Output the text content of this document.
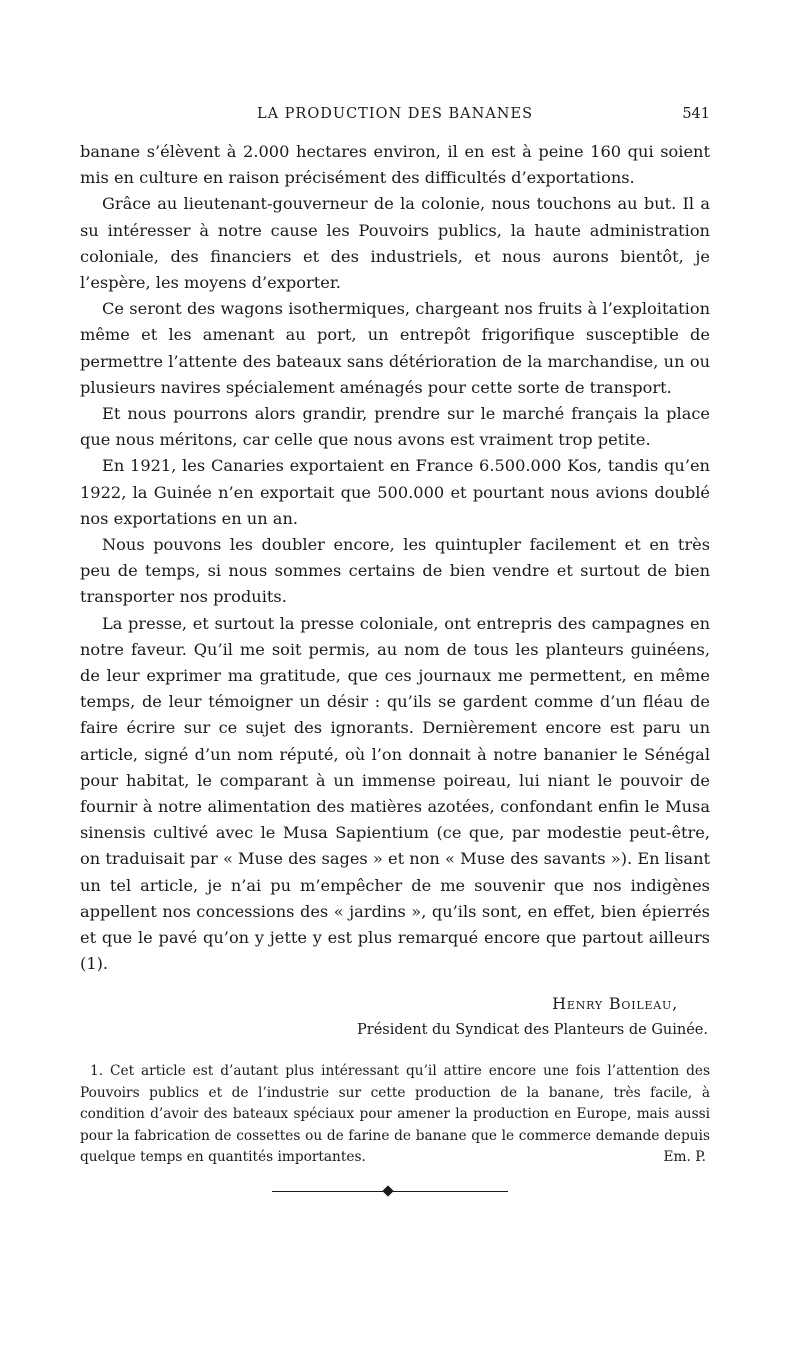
LA PRODUCTION DES BANANES	541

banane s’élèvent à 2.000 hectares environ, il en est à peine 160 qui soient mis en culture en raison précisément des difficultés d’exportations.

Grâce au lieutenant-gouverneur de la colonie, nous touchons au but. Il a su intéresser à notre cause les Pouvoirs publics, la haute administration coloniale, des financiers et des industriels, et nous aurons bientôt, je l’espère, les moyens d’exporter.

Ce seront des wagons isothermiques, chargeant nos fruits à l’exploitation même et les amenant au port, un entrepôt frigorifique susceptible de permettre l’attente des bateaux sans détérioration de la marchandise, un ou plusieurs navires spécialement aménagés pour cette sorte de transport.

Et nous pourrons alors grandir, prendre sur le marché français la place que nous méritons, car celle que nous avons est vraiment trop petite.

En 1921, les Canaries exportaient en France 6.500.000 Kos, tandis qu’en 1922, la Guinée n’en exportait que 500.000 et pourtant nous avions doublé nos exportations en un an.

Nous pouvons les doubler encore, les quintupler facilement et en très peu de temps, si nous sommes certains de bien vendre et surtout de bien transporter nos produits.

La presse, et surtout la presse coloniale, ont entrepris des campagnes en notre faveur. Qu’il me soit permis, au nom de tous les planteurs guinéens, de leur exprimer ma gratitude, que ces journaux me permettent, en même temps, de leur témoigner un désir : qu’ils se gardent comme d’un fléau de faire écrire sur ce sujet des ignorants. Dernièrement encore est paru un article, signé d’un nom réputé, où l’on donnait à notre bananier le Sénégal pour habitat, le comparant à un immense poireau, lui niant le pouvoir de fournir à notre alimentation des matières azotées, confondant enfin le Musa sinensis cultivé avec le Musa Sapientium (ce que, par modestie peut-être, on traduisait par « Muse des sages » et non « Muse des savants »). En lisant un tel article, je n’ai pu m’empêcher de me souvenir que nos indigènes appellent nos concessions des « jardins », qu’ils sont, en effet, bien épierrés et que le pavé qu’on y jette y est plus remarqué encore que partout ailleurs (1).

Henry Boileau,
Président du Syndicat des Planteurs de Guinée.

1. Cet article est d’autant plus intéressant qu’il attire encore une fois l’attention des Pouvoirs publics et de l’industrie sur cette production de la banane, très facile, à condition d’avoir des bateaux spéciaux pour amener la production en Europe, mais aussi pour la fabrication de cossettes ou de farine de banane que le commerce demande depuis quelque temps en quantités importantes.	Em. P.
